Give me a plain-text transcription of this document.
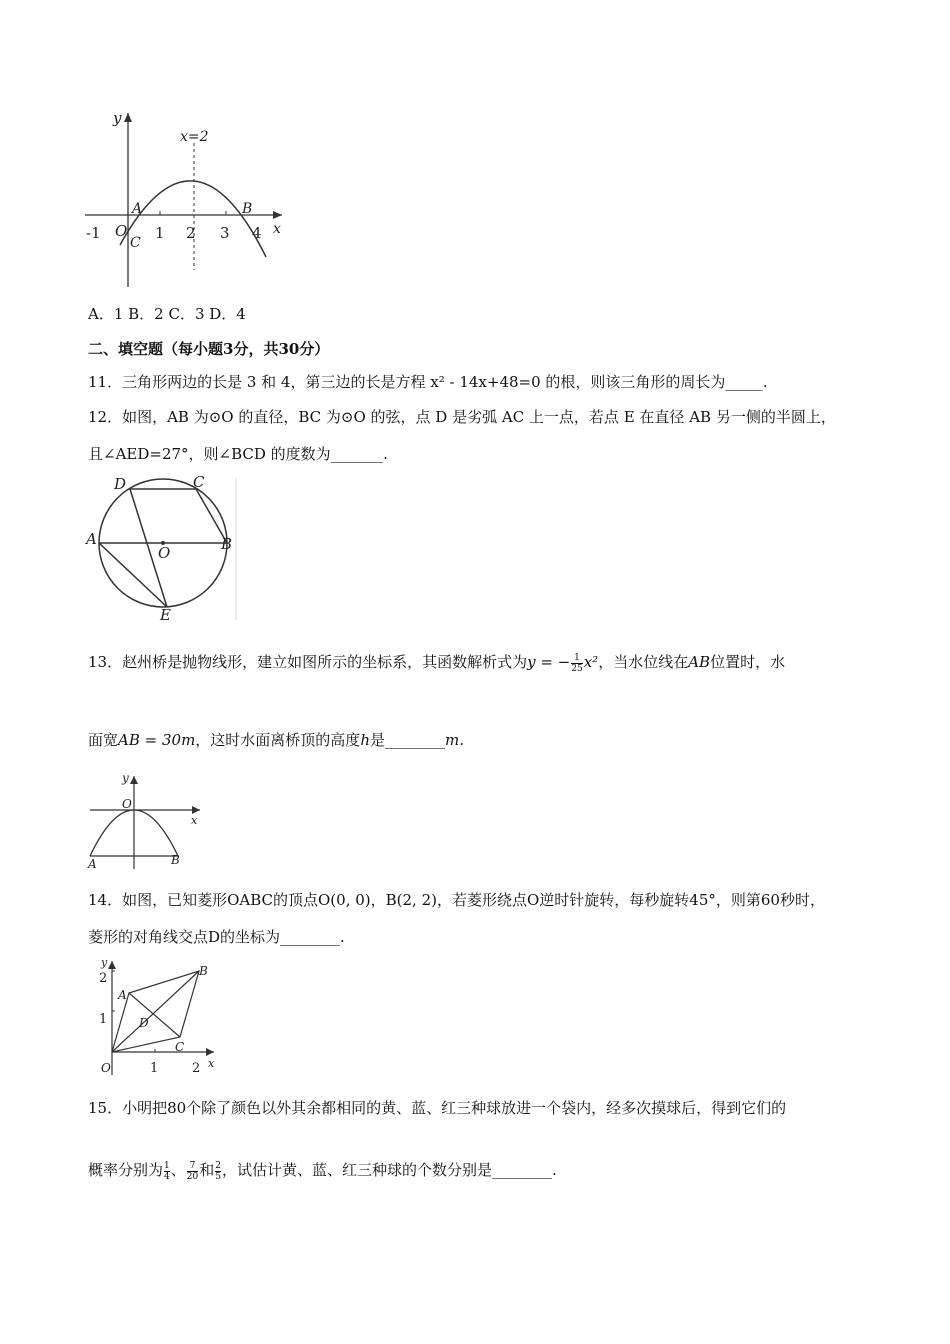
y
x=2
A	B
x
O
C
-1	1 2 3 4
A．1 B．2 C．3 D．4
二、填空题（每小题3分，共30分）
11．三角形两边的长是 3 和 4，第三边的长是方程 x² - 14x+48=0 的根，则该三角形的周长为_____.
12．如图，AB 为⊙O 的直径，BC 为⊙O 的弦，点 D 是劣弧 AC 上一点，若点 E 在直径 AB 另一侧的半圆上，
且∠AED=27°，则∠BCD 的度数为_______.
D	C
A	B
O
E
13．赵州桥是抛物线形，建立如图所示的坐标系，其函数解析式为y = − $\frac{1}{25} x^2$，当水位线在AB位置时，水
面宽AB = 30m，这时水面离桥顶的高度h是________m.
y
O
x
A	B
14．如图，已知菱形OABC的顶点O(0, 0)，B(2, 2)，若菱形绕点O逆时针旋转，每秒旋转45°，则第60秒时，
菱形的对角线交点D的坐标为________.
y
2
1
A
B
D
C
O	1	2 x
15．小明把80个除了颜色以外其余都相同的黄、蓝、红三种球放进一个袋内，经多次摸球后，得到它们的
概率分别为 $\frac{1}{4}$ 、 $\frac{7}{20}$ 和 $\frac{2}{5}$ ，试估计黄、蓝、红三种球的个数分别是________.
